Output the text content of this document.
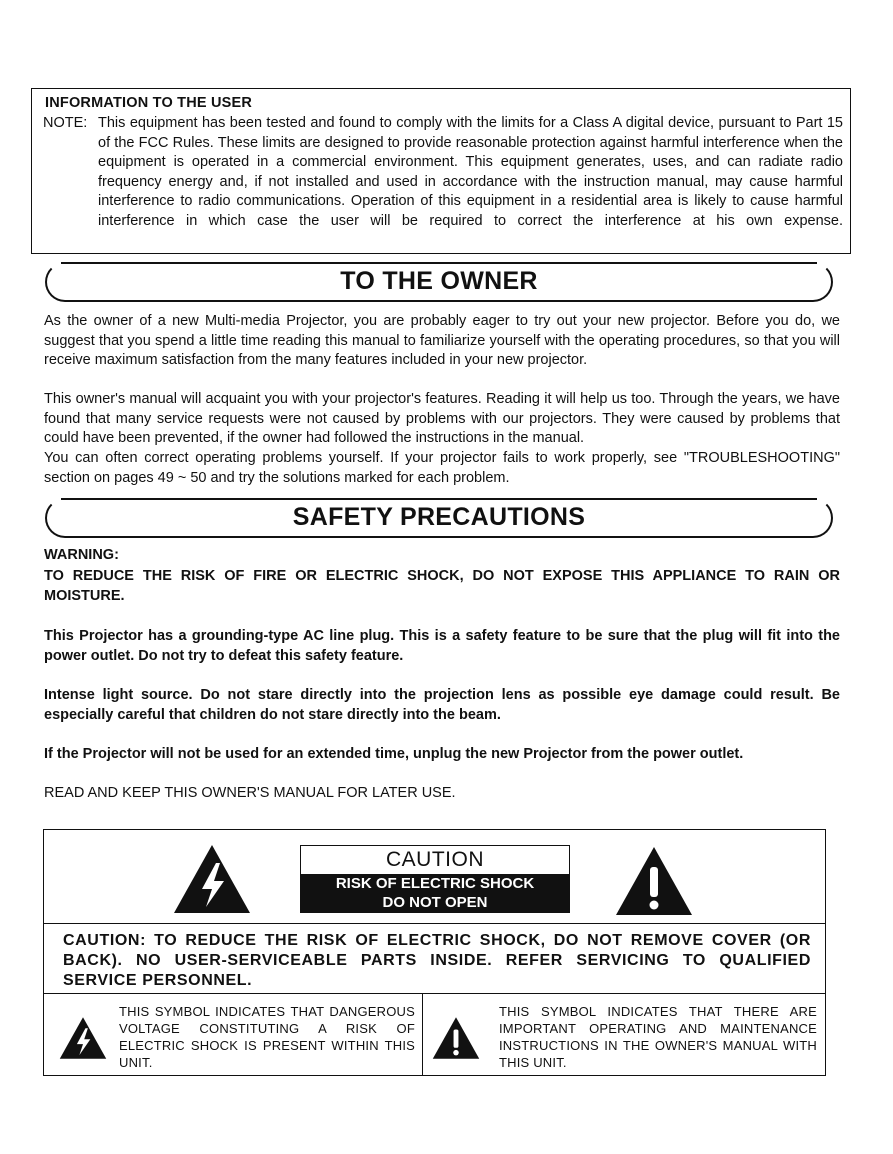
INFORMATION TO THE USER
NOTE: This equipment has been tested and found to comply with the limits for a Class A digital device, pursuant to Part 15 of the FCC Rules. These limits are designed to provide reasonable protection against harmful interference when the equipment is operated in a commercial environment. This equipment generates, uses, and can radiate radio frequency energy and, if not installed and used in accordance with the instruction manual, may cause harmful interference to radio communications. Operation of this equipment in a residential area is likely to cause harmful interference in which case the user will be required to correct the interference at his own expense.
TO THE OWNER
As the owner of a new Multi-media Projector, you are probably eager to try out your new projector. Before you do, we suggest that you spend a little time reading this manual to familiarize yourself with the operating procedures, so that you will receive maximum satisfaction from the many features included in your new projector.
This owner's manual will acquaint you with your projector's features. Reading it will help us too. Through the years, we have found that many service requests were not caused by problems with our projectors. They were caused by problems that could have been prevented, if the owner had followed the instructions in the manual.
You can often correct operating problems yourself. If your projector fails to work properly, see "TROUBLESHOOTING" section on pages 49 ~ 50 and try the solutions marked for each problem.
SAFETY PRECAUTIONS
WARNING:
TO REDUCE THE RISK OF FIRE OR ELECTRIC SHOCK, DO NOT EXPOSE THIS APPLIANCE TO RAIN OR MOISTURE.
This Projector has a grounding-type AC line plug. This is a safety feature to be sure that the plug will fit into the power outlet. Do not try to defeat this safety feature.
Intense light source. Do not stare directly into the projection lens as possible eye damage could result. Be especially careful that children do not stare directly into the beam.
If the Projector will not be used for an extended time, unplug the new Projector from the power outlet.
READ AND KEEP THIS OWNER'S MANUAL FOR LATER USE.
CAUTION
RISK OF ELECTRIC SHOCK
DO NOT OPEN
CAUTION: TO REDUCE THE RISK OF ELECTRIC SHOCK, DO NOT REMOVE COVER (OR BACK). NO USER-SERVICEABLE PARTS INSIDE. REFER SERVICING TO QUALIFIED SERVICE PERSONNEL.
THIS SYMBOL INDICATES THAT DANGEROUS VOLTAGE CONSTITUTING A RISK OF ELECTRIC SHOCK IS PRESENT WITHIN THIS UNIT.
THIS SYMBOL INDICATES THAT THERE ARE IMPORTANT OPERATING AND MAINTENANCE INSTRUCTIONS IN THE OWNER'S MANUAL WITH THIS UNIT.
